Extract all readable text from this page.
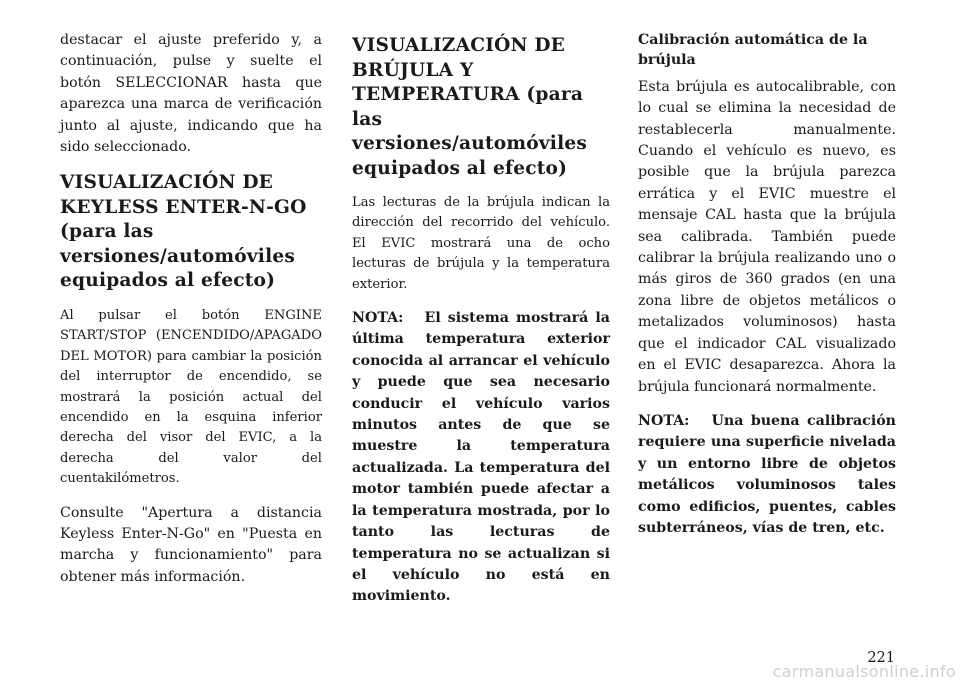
destacar el ajuste preferido y, a continuación, pulse y suelte el botón SELECCIONAR hasta que aparezca una marca de verificación junto al ajuste, indicando que ha sido seleccionado.

VISUALIZACIÓN DE KEYLESS ENTER-N-GO (para las versiones/automóviles equipados al efecto)

Al pulsar el botón ENGINE START/STOP (ENCENDIDO/APAGADO DEL MOTOR) para cambiar la posición del interruptor de encendido, se mostrará la posición actual del encendido en la esquina inferior derecha del visor del EVIC, a la derecha del valor del cuentakilómetros.

Consulte "Apertura a distancia Keyless Enter-N-Go" en "Puesta en marcha y funcionamiento" para obtener más información.

VISUALIZACIÓN DE BRÚJULA Y TEMPERATURA (para las versiones/automóviles equipados al efecto)

Las lecturas de la brújula indican la dirección del recorrido del vehículo. El EVIC mostrará una de ocho lecturas de brújula y la temperatura exterior.

NOTA: El sistema mostrará la última temperatura exterior conocida al arrancar el vehículo y puede que sea necesario conducir el vehículo varios minutos antes de que se muestre la temperatura actualizada. La temperatura del motor también puede afectar a la temperatura mostrada, por lo tanto las lecturas de temperatura no se actualizan si el vehículo no está en movimiento.

Calibración automática de la brújula

Esta brújula es autocalibrable, con lo cual se elimina la necesidad de restablecerla manualmente. Cuando el vehículo es nuevo, es posible que la brújula parezca errática y el EVIC muestre el mensaje CAL hasta que la brújula sea calibrada. También puede calibrar la brújula realizando uno o más giros de 360 grados (en una zona libre de objetos metálicos o metalizados voluminosos) hasta que el indicador CAL visualizado en el EVIC desaparezca. Ahora la brújula funcionará normalmente.

NOTA: Una buena calibración requiere una superficie nivelada y un entorno libre de objetos metálicos voluminosos tales como edificios, puentes, cables subterráneos, vías de tren, etc.

221
carmanualsonline.info
